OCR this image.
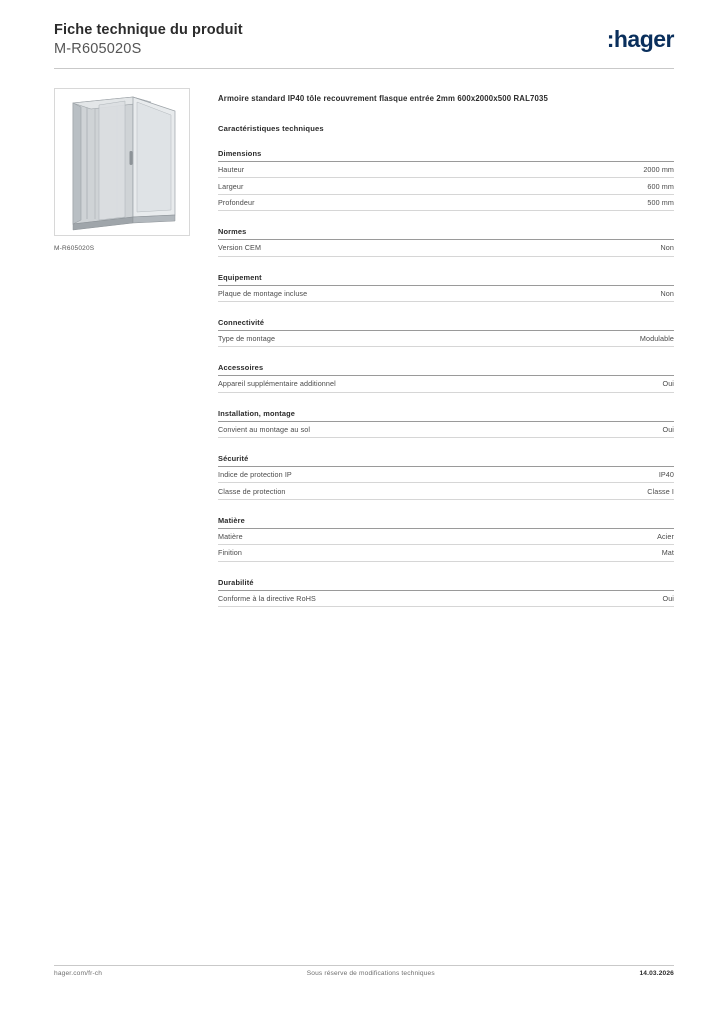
Fiche technique du produit
M-R605020S	:hager
M-R605020S
Armoire standard IP40 tôle recouvrement flasque entrée 2mm 600x2000x500 RAL7035
Caractéristiques techniques
Dimensions
Hauteur	2000 mm
Largeur	600 mm
Profondeur	500 mm
Normes
Version CEM	Non
Equipement
Plaque de montage incluse	Non
Connectivité
Type de montage	Modulable
Accessoires
Appareil supplémentaire additionnel	Oui
Installation, montage
Convient au montage au sol	Oui
Sécurité
Indice de protection IP	IP40
Classe de protection	Classe I
Matière
Matière	Acier
Finition	Mat
Durabilité
Conforme à la directive RoHS	Oui
hager.com/fr-ch	Sous réserve de modifications techniques	14.03.2026
